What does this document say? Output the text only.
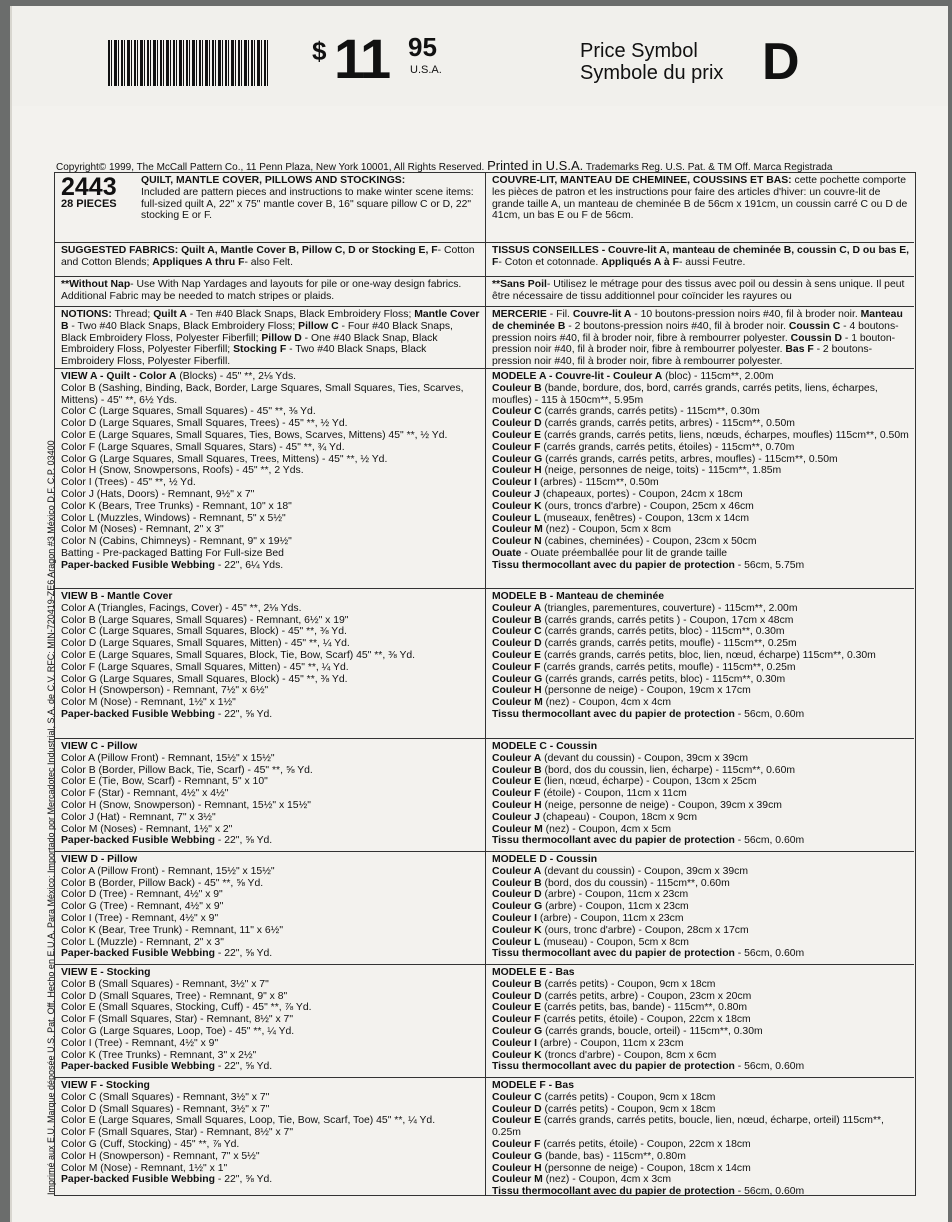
$ 11 95
U.S.A.
Price Symbol
Symbole du prix D
Copyright© 1999, The McCall Pattern Co., 11 Penn Plaza, New York 10001, All Rights Reserved. Printed in U.S.A. Trademarks Reg. U.S. Pat. & TM Off. Marca Registrada
Imprimé aux E.U. Marque déposée U.S. Pat. Off. Hecho en E.U.A. Para México: Importado por Mercadotec Industrial, S.A. de C.V. RFC: MIN-720419-ZE6 Aragon #3 México D.F. C.P. 03400
2443
28 PIECES

QUILT, MANTLE COVER, PILLOWS AND STOCKINGS:

Included are pattern pieces and instructions to make winter scene items: full-sized quilt A, 22" x 75" mantle cover B, 16" square pillow C or D, 22" stocking E or F.

COUVRE-LIT, MANTEAU DE CHEMINEE, COUSSINS ET BAS: cette pochette comporte les pièces de patron et les instructions pour faire des articles d'hiver: un couvre-lit de grande taille A, un manteau de cheminée B de 56cm x 191cm, un coussin carré C ou D de 41cm, un bas E ou F de 56cm.

SUGGESTED FABRICS: Quilt A, Mantle Cover B, Pillow C, D or Stocking E, F- Cotton and Cotton Blends; Appliques A thru F- also Felt.

TISSUS CONSEILLES - Couvre-lit A, manteau de cheminée B, coussin C, D ou bas E, F- Coton et cotonnade. Appliqués A à F- aussi Feutre.

**Without Nap- Use With Nap Yardages and layouts for pile or one-way design fabrics. Additional Fabric may be needed to match stripes or plaids.

**Sans Poil- Utilisez le métrage pour des tissus avec poil ou dessin à sens unique. Il peut être nécessaire de tissu additionnel pour coïncider les rayures ou

NOTIONS: Thread; Quilt A - Ten #40 Black Snaps, Black Embroidery Floss; Mantle Cover B - Two #40 Black Snaps, Black Embroidery Floss; Pillow C - Four #40 Black Snaps, Black Embroidery Floss, Polyester Fiberfill; Pillow D - One #40 Black Snap, Black Embroidery Floss, Polyester Fiberfill; Stocking F - Two #40 Black Snaps, Black Embroidery Floss, Polyester Fiberfill.

MERCERIE - Fil. Couvre-lit A - 10 boutons-pression noirs #40, fil à broder noir. Manteau de cheminée B - 2 boutons-pression noirs #40, fil à broder noir. Coussin C - 4 boutons-pression noirs #40, fil à broder noir, fibre à rembourrer polyester. Coussin D - 1 bouton-pression noir #40, fil à broder noir, fibre à rembourrer polyester. Bas F - 2 boutons-pression noir #40, fil à broder noir, fibre à rembourrer polyester.

VIEW A - Quilt - Color A (Blocks) - 45" **, 2⅛ Yds.

Color B (Sashing, Binding, Back, Border, Large Squares, Small Squares, Ties, Scarves, Mittens) - 45" **, 6½ Yds.

Color C (Large Squares, Small Squares) - 45" **, ⅜ Yd.

Color D (Large Squares, Small Squares, Trees) - 45" **, ½ Yd.

Color E (Large Squares, Small Squares, Ties, Bows, Scarves, Mittens) 45" **, ½ Yd.

Color F (Large Squares, Small Squares, Stars) - 45" **, ¾ Yd.

Color G (Large Squares, Small Squares, Trees, Mittens) - 45" **, ½ Yd.

Color H (Snow, Snowpersons, Roofs) - 45" **, 2 Yds.

Color I (Trees) - 45" **, ½ Yd.

Color J (Hats, Doors) - Remnant, 9½" x 7"

Color K (Bears, Tree Trunks) - Remnant, 10" x 18"

Color L (Muzzles, Windows) - Remnant, 5" x 5½"

Color M (Noses) - Remnant, 2" x 3"

Color N (Cabins, Chimneys) - Remnant, 9" x 19½"

Batting - Pre-packaged Batting For Full-size Bed

Paper-backed Fusible Webbing - 22", 6¼ Yds.

MODELE A - Couvre-lit - Couleur A (bloc) - 115cm**, 2.00m

Couleur B (bande, bordure, dos, bord, carrés grands, carrés petits, liens, écharpes, moufles) - 115 à 150cm**, 5.95m

Couleur C (carrés grands, carrés petits) - 115cm**, 0.30m

Couleur D (carrés grands, carrés petits, arbres) - 115cm**, 0.50m

Couleur E (carrés grands, carrés petits, liens, nœuds, écharpes, moufles) 115cm**, 0.50m

Couleur F (carrés grands, carrés petits, étoiles) - 115cm**, 0.70m

Couleur G (carrés grands, carrés petits, arbres, moufles) - 115cm**, 0.50m

Couleur H (neige, personnes de neige, toits) - 115cm**, 1.85m

Couleur I (arbres) - 115cm**, 0.50m

Couleur J (chapeaux, portes) - Coupon, 24cm x 18cm

Couleur K (ours, troncs d'arbre) - Coupon, 25cm x 46cm

Couleur L (museaux, fenêtres) - Coupon, 13cm x 14cm

Couleur M (nez) - Coupon, 5cm x 8cm

Couleur N (cabines, cheminées) - Coupon, 23cm x 50cm

Ouate - Ouate préemballée pour lit de grande taille

Tissu thermocollant avec du papier de protection - 56cm, 5.75m

VIEW B - Mantle Cover

Color A (Triangles, Facings, Cover) - 45" **, 2⅛ Yds.

Color B (Large Squares, Small Squares) - Remnant, 6½" x 19"

Color C (Large Squares, Small Squares, Block) - 45" **, ⅜ Yd.

Color D (Large Squares, Small Squares, Mitten) - 45" **, ¼ Yd.

Color E (Large Squares, Small Squares, Block, Tie, Bow, Scarf) 45" **, ⅜ Yd.

Color F (Large Squares, Small Squares, Mitten) - 45" **, ¼ Yd.

Color G (Large Squares, Small Squares, Block) - 45" **, ⅜ Yd.

Color H (Snowperson) - Remnant, 7½" x 6½"

Color M (Nose) - Remnant, 1½" x 1½"

Paper-backed Fusible Webbing - 22", ⅝ Yd.

MODELE B - Manteau de cheminée

Couleur A (triangles, parementures, couverture) - 115cm**, 2.00m

Couleur B (carrés grands, carrés petits ) - Coupon, 17cm x 48cm

Couleur C (carrés grands, carrés petits, bloc) - 115cm**, 0.30m

Couleur D (carrés grands, carrés petits, moufle) - 115cm**, 0.25m

Couleur E (carrés grands, carrés petits, bloc, lien, nœud, écharpe) 115cm**, 0.30m

Couleur F (carrés grands, carrés petits, moufle) - 115cm**, 0.25m

Couleur G (carrés grands, carrés petits, bloc) - 115cm**, 0.30m

Couleur H (personne de neige) - Coupon, 19cm x 17cm

Couleur M (nez) - Coupon, 4cm x 4cm

Tissu thermocollant avec du papier de protection - 56cm, 0.60m

VIEW C - Pillow

Color A (Pillow Front) - Remnant, 15½" x 15½"

Color B (Border, Pillow Back, Tie, Scarf) - 45" **, ⅝ Yd.

Color E (Tie, Bow, Scarf) - Remnant, 5" x 10"

Color F (Star) - Remnant, 4½" x 4½"

Color H (Snow, Snowperson) - Remnant, 15½" x 15½"

Color J (Hat) - Remnant, 7" x 3½"

Color M (Noses) - Remnant, 1½" x 2"

Paper-backed Fusible Webbing - 22", ⅝ Yd.

MODELE C - Coussin

Couleur A (devant du coussin) - Coupon, 39cm x 39cm

Couleur B (bord, dos du coussin, lien, écharpe) - 115cm**, 0.60m

Couleur E (lien, nœud, écharpe) - Coupon, 13cm x 25cm

Couleur F (étoile) - Coupon, 11cm x 11cm

Couleur H (neige, personne de neige) - Coupon, 39cm x 39cm

Couleur J (chapeau) - Coupon, 18cm x 9cm

Couleur M (nez) - Coupon, 4cm x 5cm

Tissu thermocollant avec du papier de protection - 56cm, 0.60m

VIEW D - Pillow

Color A (Pillow Front) - Remnant, 15½" x 15½"

Color B (Border, Pillow Back) - 45" **, ⅝ Yd.

Color D (Tree) - Remnant, 4½" x 9"

Color G (Tree) - Remnant, 4½" x 9"

Color I (Tree) - Remnant, 4½" x 9"

Color K (Bear, Tree Trunk) - Remnant, 11" x 6½"

Color L (Muzzle) - Remnant, 2" x 3"

Paper-backed Fusible Webbing - 22", ⅝ Yd.

MODELE D - Coussin

Couleur A (devant du coussin) - Coupon, 39cm x 39cm

Couleur B (bord, dos du coussin) - 115cm**, 0.60m

Couleur D (arbre) - Coupon, 11cm x 23cm

Couleur G (arbre) - Coupon, 11cm x 23cm

Couleur I (arbre) - Coupon, 11cm x 23cm

Couleur K (ours, tronc d'arbre) - Coupon, 28cm x 17cm

Couleur L (museau) - Coupon, 5cm x 8cm

Tissu thermocollant avec du papier de protection - 56cm, 0.60m

VIEW E - Stocking

Color B (Small Squares) - Remnant, 3½" x 7"

Color D (Small Squares, Tree) - Remnant, 9" x 8"

Color E (Small Squares, Stocking, Cuff) - 45" **, ⅞ Yd.

Color F (Small Squares, Star) - Remnant, 8½" x 7"

Color G (Large Squares, Loop, Toe) - 45" **, ¼ Yd.

Color I (Tree) - Remnant, 4½" x 9"

Color K (Tree Trunks) - Remnant, 3" x 2½"

Paper-backed Fusible Webbing - 22", ⅝ Yd.

MODELE E - Bas

Couleur B (carrés petits) - Coupon, 9cm x 18cm

Couleur D (carrés petits, arbre) - Coupon, 23cm x 20cm

Couleur E (carrés petits, bas, bande) - 115cm**, 0.80m

Couleur F (carrés petits, étoile) - Coupon, 22cm x 18cm

Couleur G (carrés grands, boucle, orteil) - 115cm**, 0.30m

Couleur I (arbre) - Coupon, 11cm x 23cm

Couleur K (troncs d'arbre) - Coupon, 8cm x 6cm

Tissu thermocollant avec du papier de protection - 56cm, 0.60m

VIEW F - Stocking

Color C (Small Squares) - Remnant, 3½" x 7"

Color D (Small Squares) - Remnant, 3½" x 7"

Color E (Large Squares, Small Squares, Loop, Tie, Bow, Scarf, Toe) 45" **, ¼ Yd.

Color F (Small Squares, Star) - Remnant, 8½" x 7"

Color G (Cuff, Stocking) - 45" **, ⅞ Yd.

Color H (Snowperson) - Remnant, 7" x 5½"

Color M (Nose) - Remnant, 1½" x 1"

Paper-backed Fusible Webbing - 22", ⅝ Yd.

MODELE F - Bas

Couleur C (carrés petits) - Coupon, 9cm x 18cm

Couleur D (carrés petits) - Coupon, 9cm x 18cm

Couleur E (carrés grands, carrés petits, boucle, lien, nœud, écharpe, orteil) 115cm**, 0.25m

Couleur F (carrés petits, étoile) - Coupon, 22cm x 18cm

Couleur G (bande, bas) - 115cm**, 0.80m

Couleur H (personne de neige) - Coupon, 18cm x 14cm

Couleur M (nez) - Coupon, 4cm x 3cm

Tissu thermocollant avec du papier de protection - 56cm, 0.60m
